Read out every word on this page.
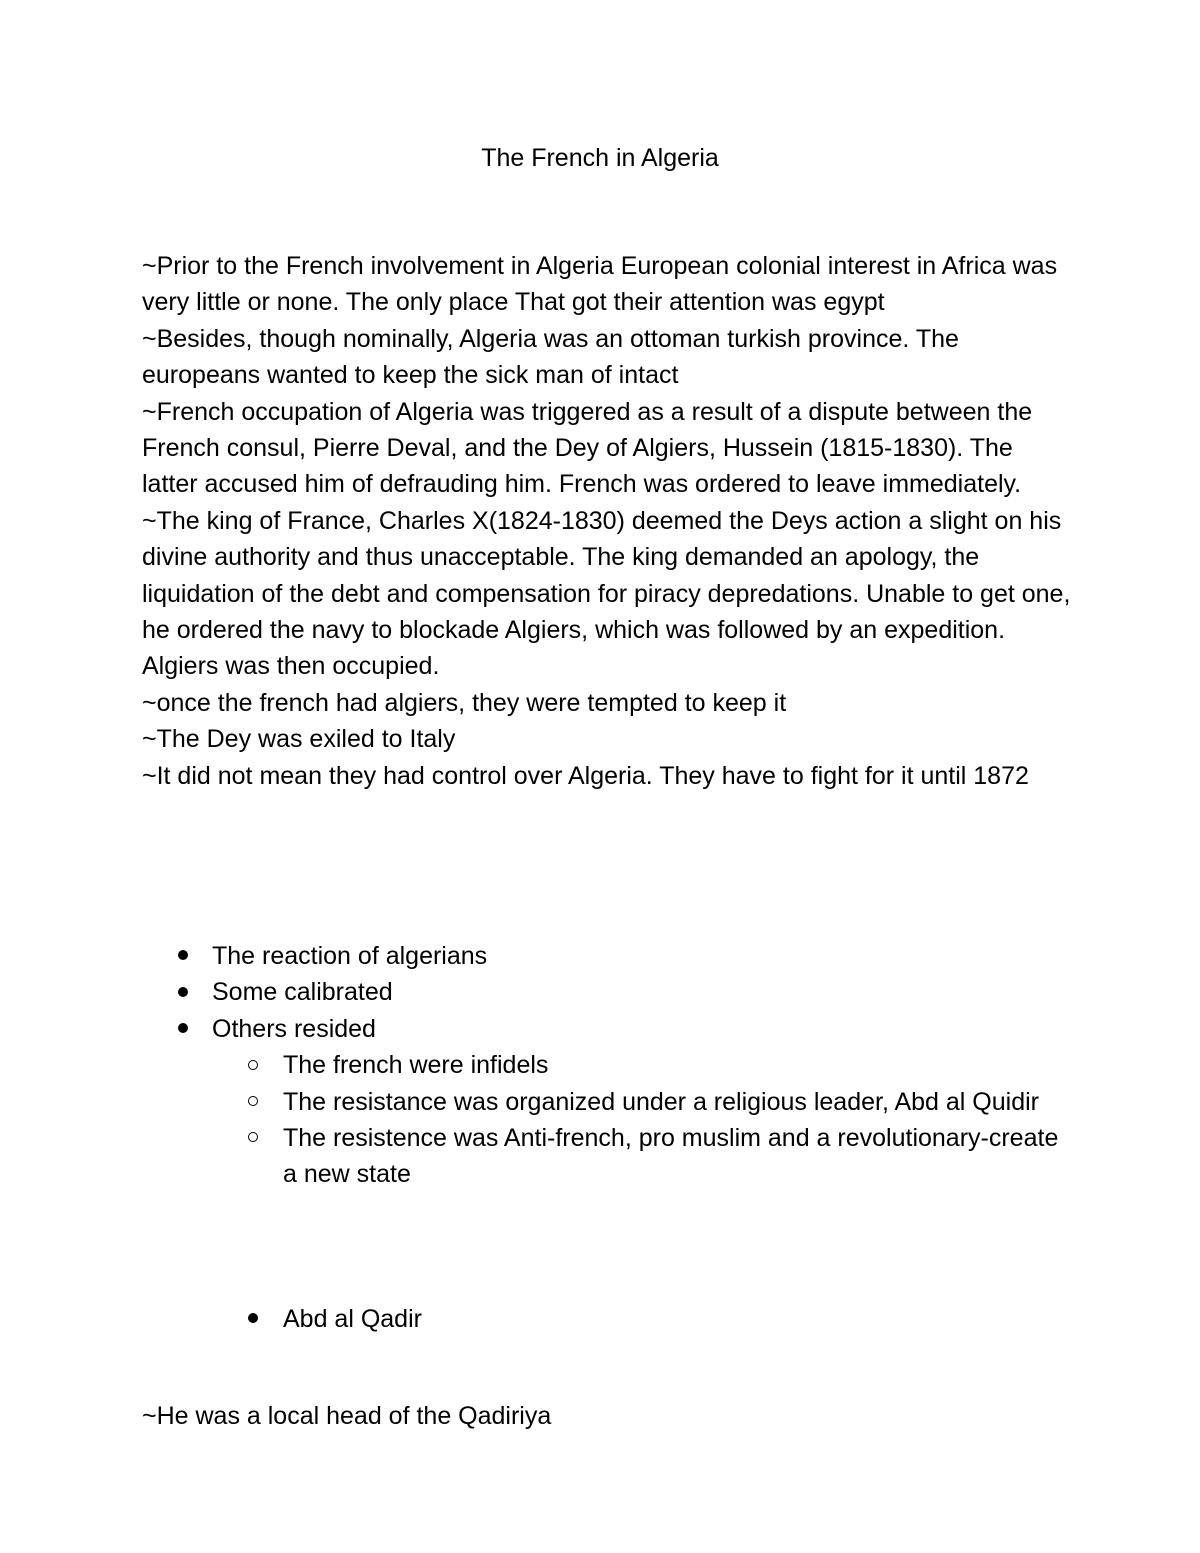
The French in Algeria

~Prior to the French involvement in Algeria European colonial interest in Africa was very little or none. The only place That got their attention was egypt

~Besides, though nominally, Algeria was an ottoman turkish province. The europeans wanted to keep the sick man of intact

~French occupation of Algeria was triggered as a result of a dispute between the French consul, Pierre Deval, and the Dey of Algiers, Hussein (1815-1830). The latter accused him of defrauding him. French was ordered to leave immediately.

~The king of France, Charles X(1824-1830) deemed the Deys action a slight on his divine authority and thus unacceptable. The king demanded an apology, the liquidation of the debt and compensation for piracy depredations. Unable to get one, he ordered the navy to blockade Algiers, which was followed by an expedition. Algiers was then occupied.

~once the french had algiers, they were tempted to keep it

~The Dey was exiled to Italy

~It did not mean they had control over Algeria. They have to fight for it until 1872

The reaction of algerians
Some calibrated
Others resided
The french were infidels
The resistance was organized under a religious leader, Abd al Quidir
The resistence was Anti-french, pro muslim and a revolutionary-create a new state
Abd al Qadir

~He was a local head of the Qadiriya
